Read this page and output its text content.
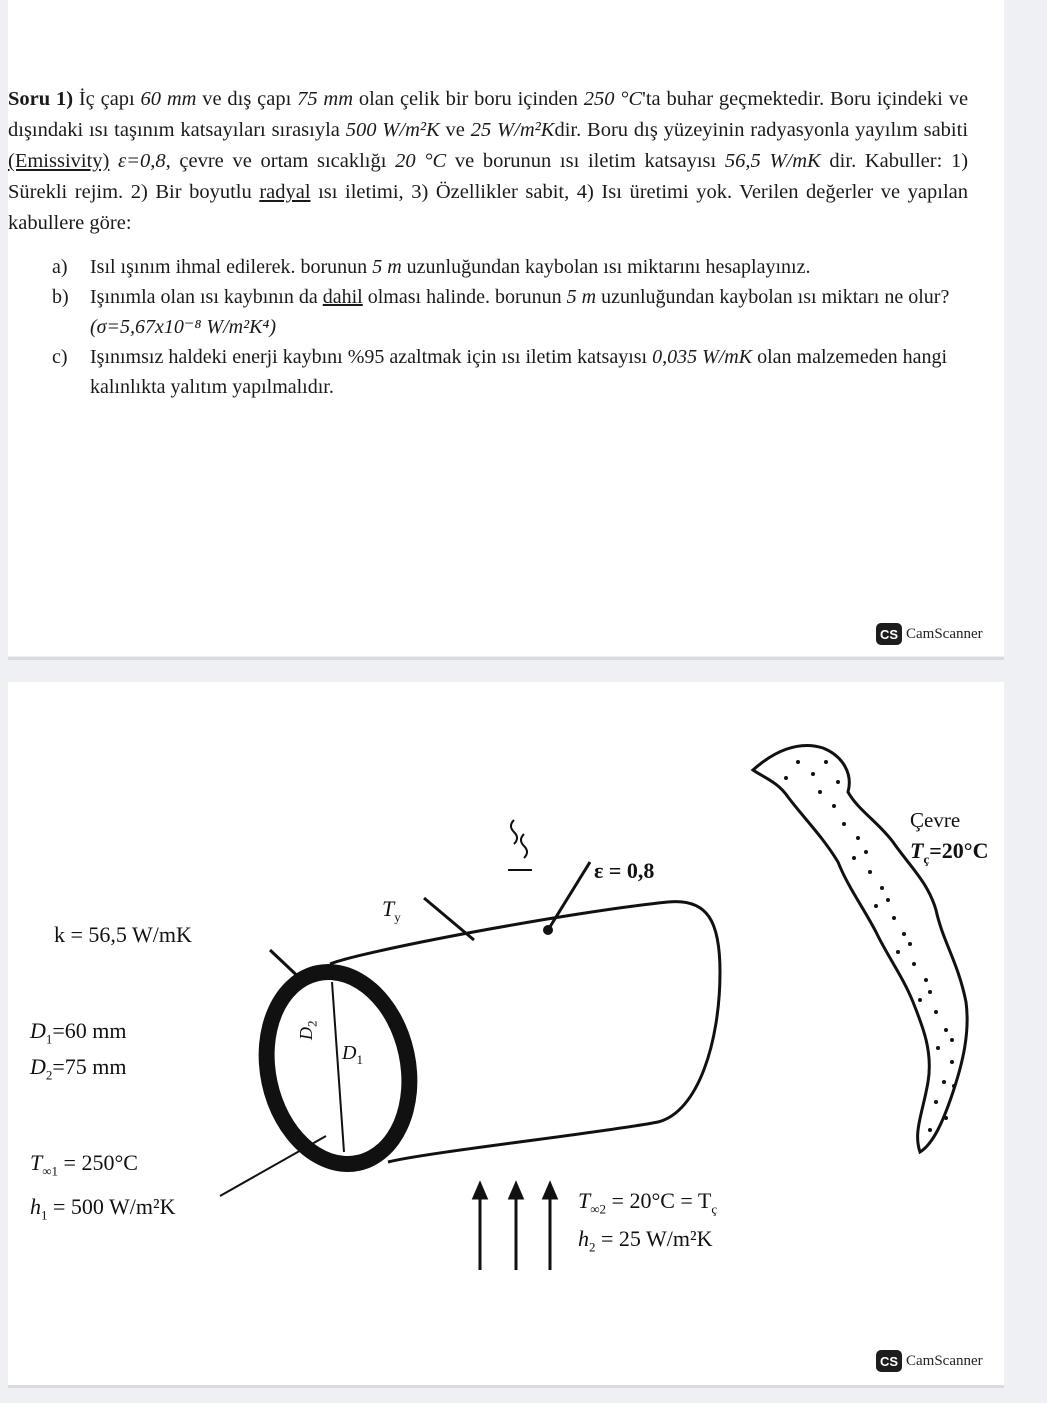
Soru 1) İç çapı 60 mm ve dış çapı 75 mm olan çelik bir boru içinden 250 °C'ta buhar geçmektedir. Boru içindeki ve dışındaki ısı taşınım katsayıları sırasıyla 500 W/m²K ve 25 W/m²Kdir. Boru dış yüzeyinin radyasyonla yayılım sabiti (Emissivity) ε=0,8, çevre ve ortam sıcaklığı 20 °C ve borunun ısı iletim katsayısı 56,5 W/mK dir. Kabuller: 1) Sürekli rejim. 2) Bir boyutlu radyal ısı iletimi, 3) Özellikler sabit, 4) Isı üretimi yok. Verilen değerler ve yapılan kabullere göre:
a)	Isıl ışınım ihmal edilerek. borunun 5 m uzunluğundan kaybolan ısı miktarını hesaplayınız.
b)	Işınımla olan ısı kaybının da dahil olması halinde. borunun 5 m uzunluğundan kaybolan ısı miktarı ne olur? (σ=5,67x10⁻⁸ W/m²K⁴)
c)	Işınımsız haldeki enerji kaybını %95 azaltmak için ısı iletim katsayısı 0,035 W/mK olan malzemeden hangi kalınlıkta yalıtım yapılmalıdır.
CS CamScanner
Çevre
$T_ç=20^\circ C$
ε = 0,8
$T_y$
k = 56,5 W/mK
$D_1=60$ mm
$D_2=75$ mm
$D_1$
$D_2$
$T_{\infty 1} = 250^\circ C$
$h_1 = 500$ W/m²K	$T_{\infty 2} = 20^\circ C = T_ç$
$h_2 = 25$ W/m²K
CS CamScanner
